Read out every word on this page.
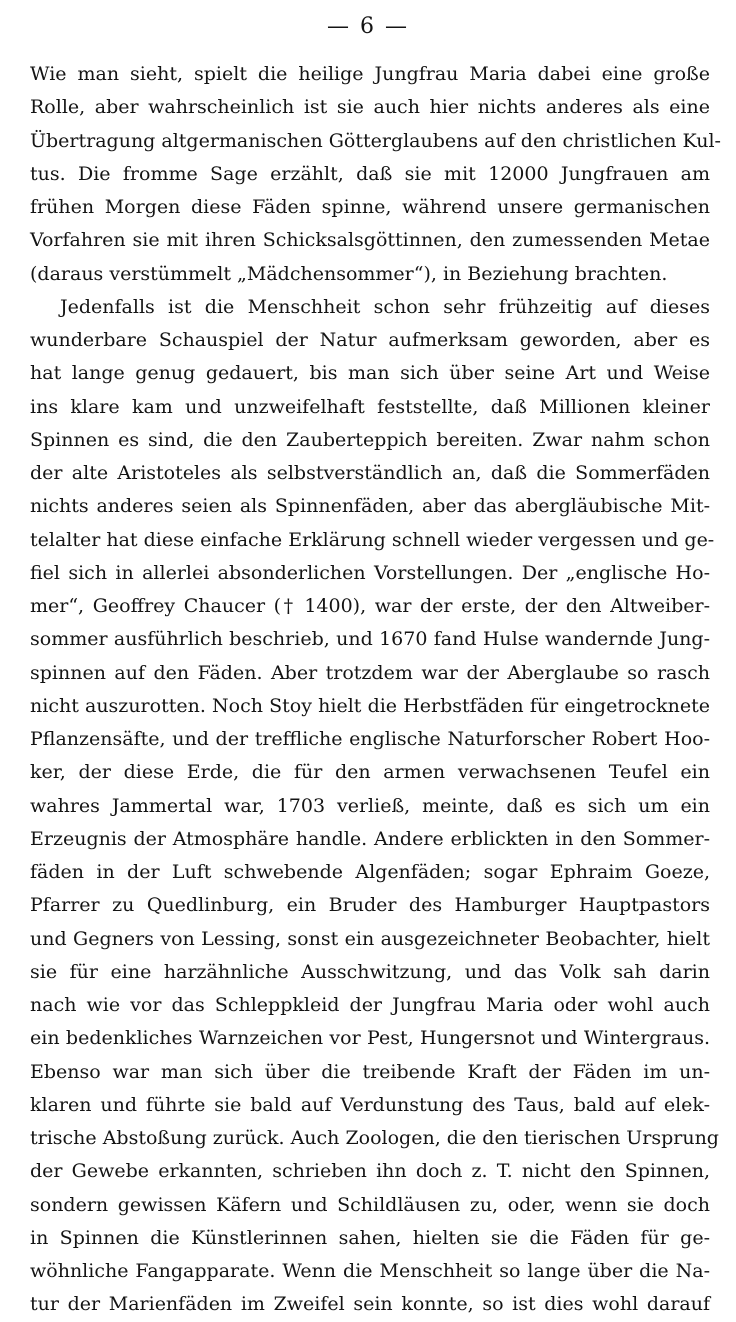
— 6 —
Wie man sieht, spielt die heilige Jungfrau Maria dabei eine große
Rolle, aber wahrscheinlich ist sie auch hier nichts anderes als eine
Übertragung altgermanischen Götterglaubens auf den christlichen Kul-
tus. Die fromme Sage erzählt, daß sie mit 12000 Jungfrauen am
frühen Morgen diese Fäden spinne, während unsere germanischen
Vorfahren sie mit ihren Schicksalsgöttinnen, den zumessenden Metae
(daraus verstümmelt „Mädchensommer“), in Beziehung brachten.
Jedenfalls ist die Menschheit schon sehr frühzeitig auf dieses
wunderbare Schauspiel der Natur aufmerksam geworden, aber es
hat lange genug gedauert, bis man sich über seine Art und Weise
ins klare kam und unzweifelhaft feststellte, daß Millionen kleiner
Spinnen es sind, die den Zauberteppich bereiten. Zwar nahm schon
der alte Aristoteles als selbstverständlich an, daß die Sommerfäden
nichts anderes seien als Spinnenfäden, aber das abergläubische Mit-
telalter hat diese einfache Erklärung schnell wieder vergessen und ge-
fiel sich in allerlei absonderlichen Vorstellungen. Der „englische Ho-
mer“, Geoffrey Chaucer († 1400), war der erste, der den Altweiber-
sommer ausführlich beschrieb, und 1670 fand Hulse wandernde Jung-
spinnen auf den Fäden. Aber trotzdem war der Aberglaube so rasch
nicht auszurotten. Noch Stoy hielt die Herbstfäden für eingetrocknete
Pflanzensäfte, und der treffliche englische Naturforscher Robert Hoo-
ker, der diese Erde, die für den armen verwachsenen Teufel ein
wahres Jammertal war, 1703 verließ, meinte, daß es sich um ein
Erzeugnis der Atmosphäre handle. Andere erblickten in den Sommer-
fäden in der Luft schwebende Algenfäden; sogar Ephraim Goeze,
Pfarrer zu Quedlinburg, ein Bruder des Hamburger Hauptpastors
und Gegners von Lessing, sonst ein ausgezeichneter Beobachter, hielt
sie für eine harzähnliche Ausschwitzung, und das Volk sah darin
nach wie vor das Schleppkleid der Jungfrau Maria oder wohl auch
ein bedenkliches Warnzeichen vor Pest, Hungersnot und Wintergraus.
Ebenso war man sich über die treibende Kraft der Fäden im un-
klaren und führte sie bald auf Verdunstung des Taus, bald auf elek-
trische Abstoßung zurück. Auch Zoologen, die den tierischen Ursprung
der Gewebe erkannten, schrieben ihn doch z. T. nicht den Spinnen,
sondern gewissen Käfern und Schildläusen zu, oder, wenn sie doch
in Spinnen die Künstlerinnen sahen, hielten sie die Fäden für ge-
wöhnliche Fangapparate. Wenn die Menschheit so lange über die Na-
tur der Marienfäden im Zweifel sein konnte, so ist dies wohl darauf
